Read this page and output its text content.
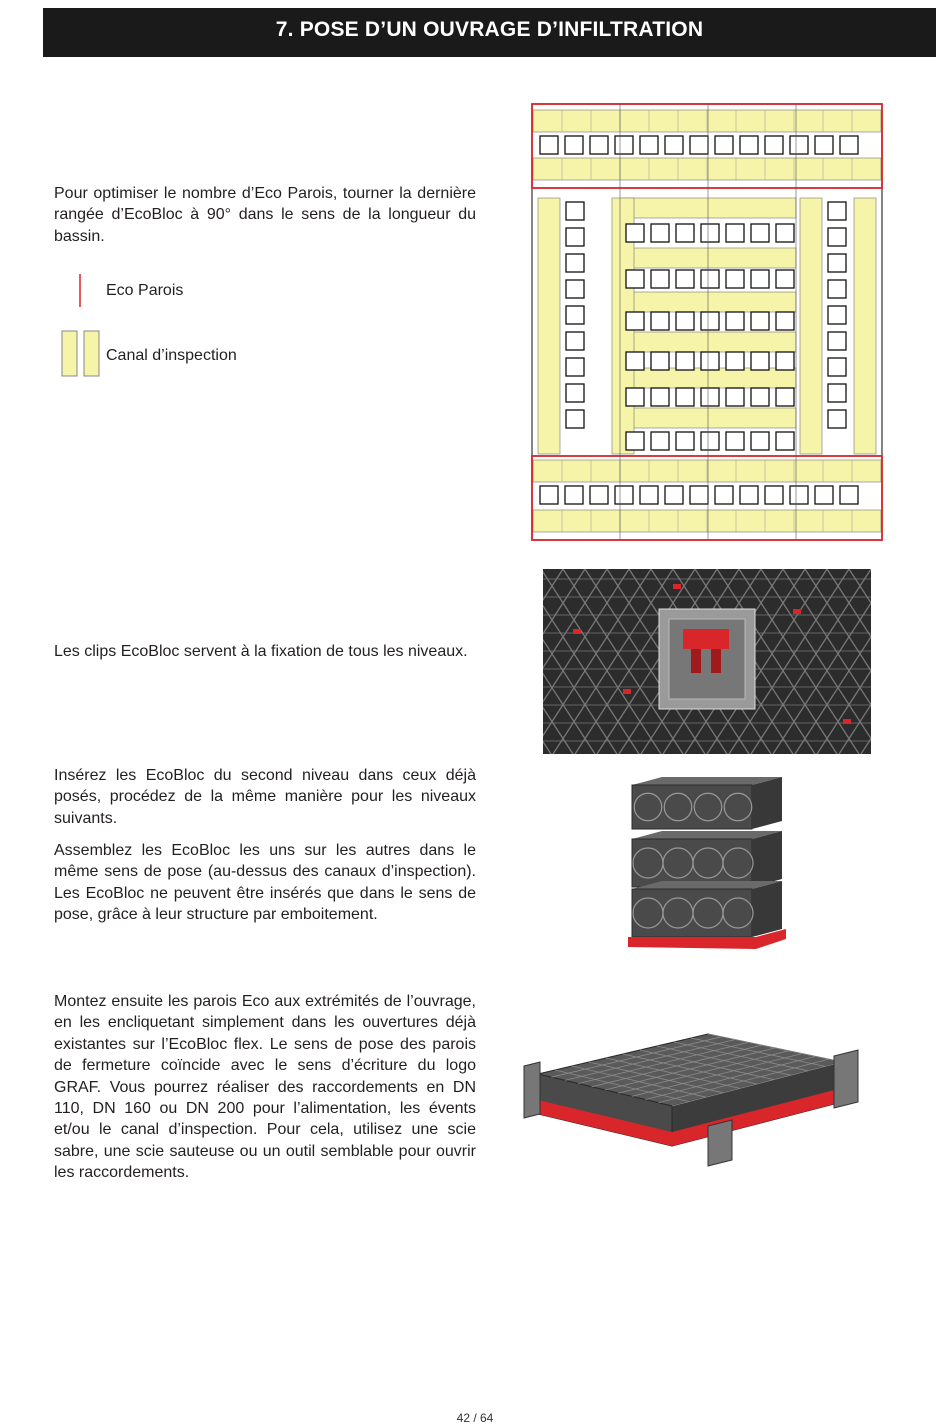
7. POSE D’UN OUVRAGE D’INFILTRATION
Pour optimiser le nombre d’Eco Parois, tourner la dernière rangée d’EcoBloc à 90° dans le sens de la longueur du bassin.
Eco Parois
Canal d’inspection
Les clips EcoBloc servent à la fixation de tous les niveaux.
Insérez les EcoBloc du second niveau dans ceux déjà posés, procédez de la même manière pour les niveaux suivants.
Assemblez les EcoBloc les uns sur les autres dans le même sens de pose (au-dessus des canaux d’inspection). Les EcoBloc ne peuvent être insérés que dans le sens de pose, grâce à leur structure par emboitement.
Montez ensuite les parois Eco aux extrémités de l’ouvrage, en les encliquetant simplement dans les ouvertures déjà existantes sur l’EcoBloc flex. Le sens de pose des parois de fermeture coïncide avec le sens d’écriture du logo GRAF. Vous pourrez réaliser des raccordements en DN 110, DN 160 ou DN 200 pour l’alimentation, les évents et/ou le canal d’inspection. Pour cela, utilisez une scie sabre, une scie sauteuse ou un outil semblable pour ouvrir les raccordements.
42 / 64
